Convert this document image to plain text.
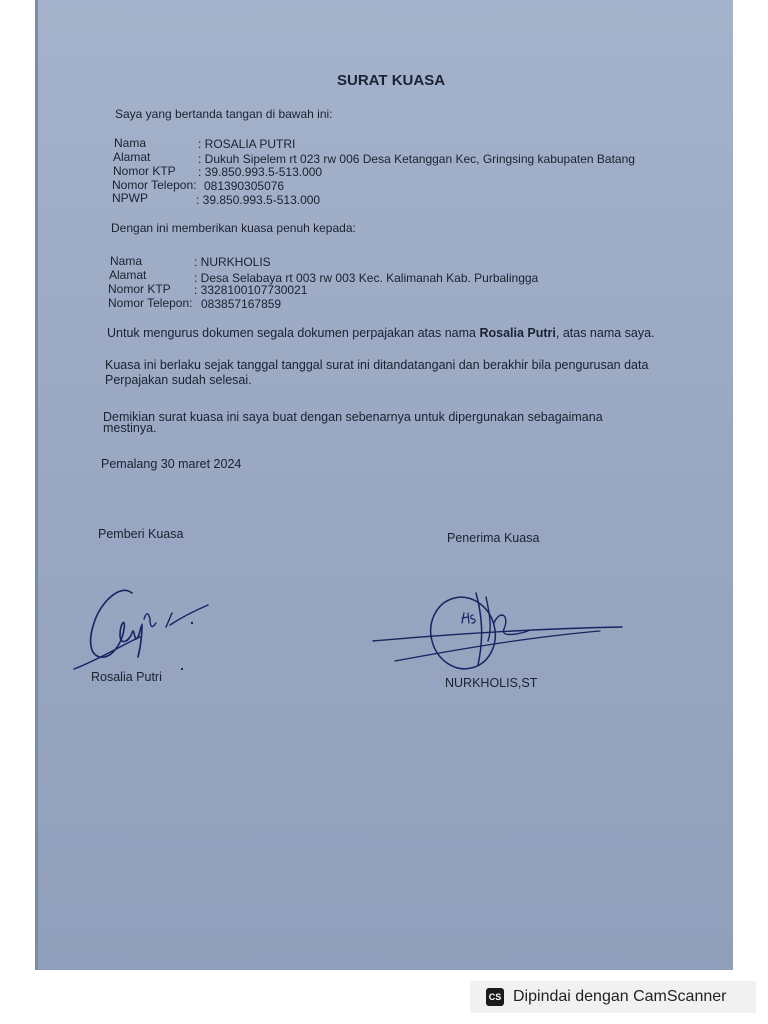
SURAT KUASA
Saya yang bertanda tangan di bawah ini:
Nama	: ROSALIA PUTRI
Alamat	: Dukuh Sipelem rt 023 rw 006 Desa Ketanggan Kec, Gringsing kabupaten Batang
Nomor KTP : 39.850.993.5-513.000
Nomor Telepon: 081390305076
NPWP	: 39.850.993.5-513.000
Dengan ini memberikan kuasa penuh kepada:
Nama	: NURKHOLIS
Alamat	: Desa Selabaya rt 003 rw 003 Kec. Kalimanah Kab. Purbalingga
Nomor KTP : 3328100107730021
Nomor Telepon: 083857167859
Untuk mengurus dokumen segala dokumen perpajakan atas nama Rosalia Putri, atas nama saya.
Kuasa ini berlaku sejak tanggal tanggal surat ini ditandatangani dan berakhir bila pengurusan data
Perpajakan sudah selesai.
Demikian surat kuasa ini saya buat dengan sebenarnya untuk dipergunakan sebagaimana
mestinya.
Pemalang 30 maret 2024
Pemberi Kuasa	Penerima Kuasa
Rosalia Putri	NURKHOLIS,ST
CS Dipindai dengan CamScanner
